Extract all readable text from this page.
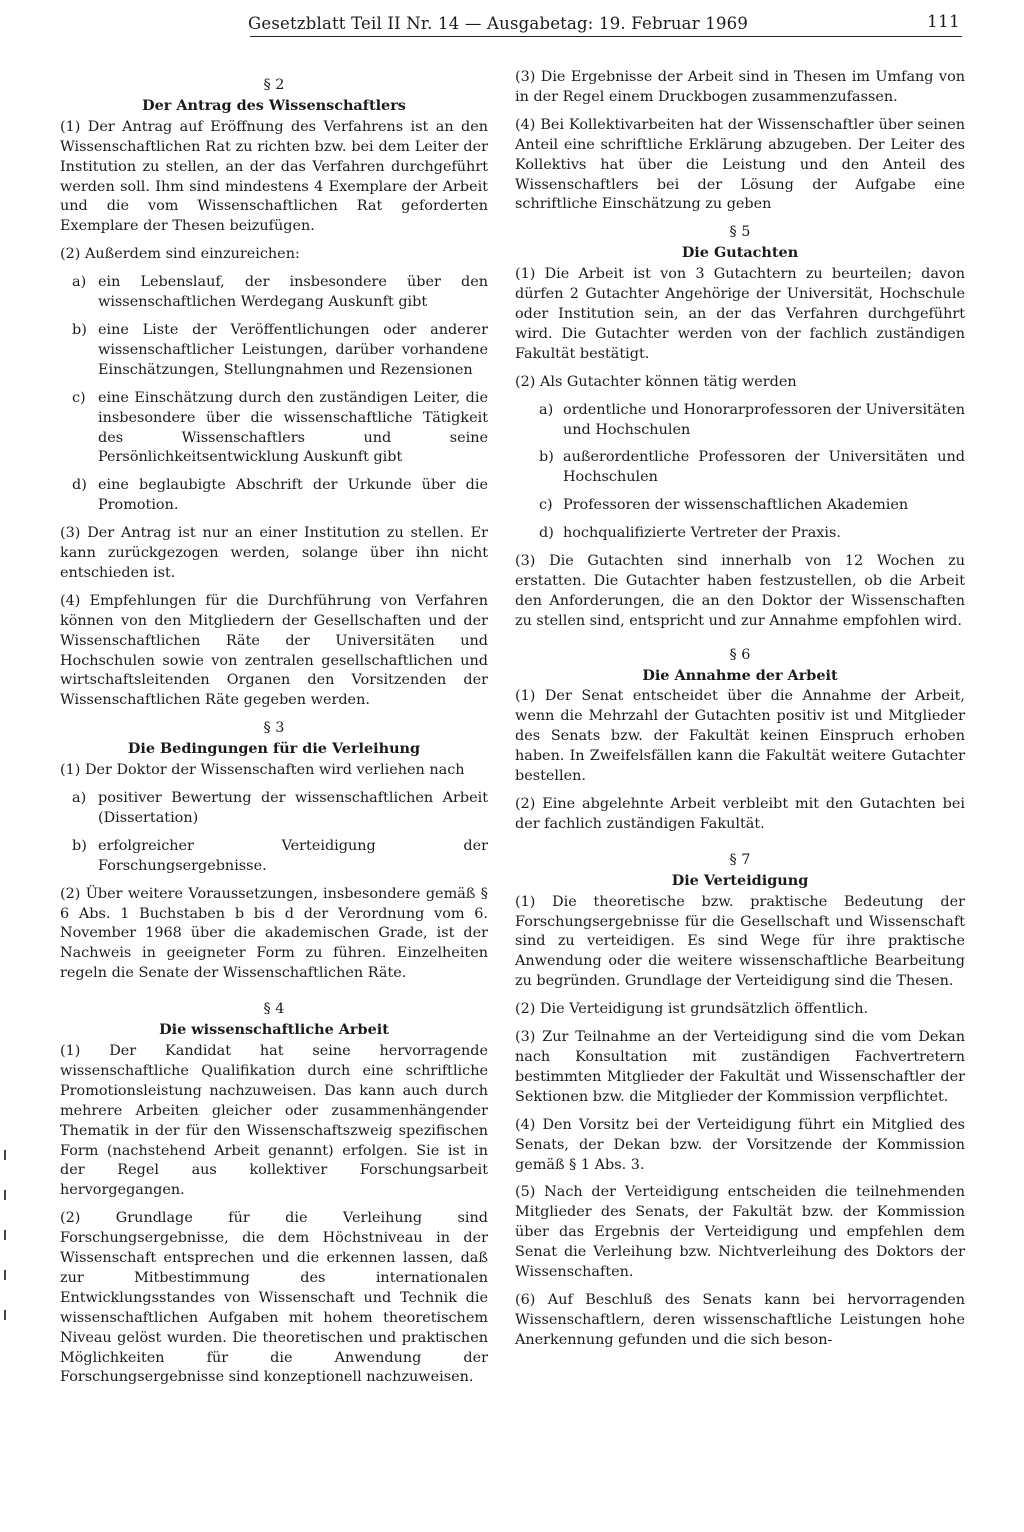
Gesetzblatt Teil II Nr. 14 — Ausgabetag: 19. Februar 1969	111
§ 2
Der Antrag des Wissenschaftlers
(1) Der Antrag auf Eröffnung des Verfahrens ist an den Wissenschaftlichen Rat zu richten bzw. bei dem Leiter der Institution zu stellen, an der das Verfahren durchgeführt werden soll. Ihm sind mindestens 4 Exemplare der Arbeit und die vom Wissenschaftlichen Rat geforderten Exemplare der Thesen beizufügen.
(2) Außerdem sind einzureichen:
a) ein Lebenslauf, der insbesondere über den wissenschaftlichen Werdegang Auskunft gibt
b) eine Liste der Veröffentlichungen oder anderer wissenschaftlicher Leistungen, darüber vorhandene Einschätzungen, Stellungnahmen und Rezensionen
c) eine Einschätzung durch den zuständigen Leiter, die insbesondere über die wissenschaftliche Tätigkeit des Wissenschaftlers und seine Persönlichkeitsentwicklung Auskunft gibt
d) eine beglaubigte Abschrift der Urkunde über die Promotion.
(3) Der Antrag ist nur an einer Institution zu stellen. Er kann zurückgezogen werden, solange über ihn nicht entschieden ist.
(4) Empfehlungen für die Durchführung von Verfahren können von den Mitgliedern der Gesellschaften und der Wissenschaftlichen Räte der Universitäten und Hochschulen sowie von zentralen gesellschaftlichen und wirtschaftsleitenden Organen den Vorsitzenden der Wissenschaftlichen Räte gegeben werden.
§ 3
Die Bedingungen für die Verleihung
(1) Der Doktor der Wissenschaften wird verliehen nach
a) positiver Bewertung der wissenschaftlichen Arbeit (Dissertation)
b) erfolgreicher Verteidigung der Forschungsergebnisse.
(2) Über weitere Voraussetzungen, insbesondere gemäß § 6 Abs. 1 Buchstaben b bis d der Verordnung vom 6. November 1968 über die akademischen Grade, ist der Nachweis in geeigneter Form zu führen. Einzelheiten regeln die Senate der Wissenschaftlichen Räte.
§ 4
Die wissenschaftliche Arbeit
(1) Der Kandidat hat seine hervorragende wissenschaftliche Qualifikation durch eine schriftliche Promotionsleistung nachzuweisen. Das kann auch durch mehrere Arbeiten gleicher oder zusammenhängender Thematik in der für den Wissenschaftszweig spezifischen Form (nachstehend Arbeit genannt) erfolgen. Sie ist in der Regel aus kollektiver Forschungsarbeit hervorgegangen.
(2) Grundlage für die Verleihung sind Forschungsergebnisse, die dem Höchstniveau in der Wissenschaft entsprechen und die erkennen lassen, daß zur Mitbestimmung des internationalen Entwicklungsstandes von Wissenschaft und Technik die wissenschaftlichen Aufgaben mit hohem theoretischem Niveau gelöst wurden. Die theoretischen und praktischen Möglichkeiten für die Anwendung der Forschungsergebnisse sind konzeptionell nachzuweisen.
(3) Die Ergebnisse der Arbeit sind in Thesen im Umfang von in der Regel einem Druckbogen zusammenzufassen.
(4) Bei Kollektivarbeiten hat der Wissenschaftler über seinen Anteil eine schriftliche Erklärung abzugeben. Der Leiter des Kollektivs hat über die Leistung und den Anteil des Wissenschaftlers bei der Lösung der Aufgabe eine schriftliche Einschätzung zu geben
§ 5
Die Gutachten
(1) Die Arbeit ist von 3 Gutachtern zu beurteilen; davon dürfen 2 Gutachter Angehörige der Universität, Hochschule oder Institution sein, an der das Verfahren durchgeführt wird. Die Gutachter werden von der fachlich zuständigen Fakultät bestätigt.
(2) Als Gutachter können tätig werden
a) ordentliche und Honorarprofessoren der Universitäten und Hochschulen
b) außerordentliche Professoren der Universitäten und Hochschulen
c) Professoren der wissenschaftlichen Akademien
d) hochqualifizierte Vertreter der Praxis.
(3) Die Gutachten sind innerhalb von 12 Wochen zu erstatten. Die Gutachter haben festzustellen, ob die Arbeit den Anforderungen, die an den Doktor der Wissenschaften zu stellen sind, entspricht und zur Annahme empfohlen wird.
§ 6
Die Annahme der Arbeit
(1) Der Senat entscheidet über die Annahme der Arbeit, wenn die Mehrzahl der Gutachten positiv ist und Mitglieder des Senats bzw. der Fakultät keinen Einspruch erhoben haben. In Zweifelsfällen kann die Fakultät weitere Gutachter bestellen.
(2) Eine abgelehnte Arbeit verbleibt mit den Gutachten bei der fachlich zuständigen Fakultät.
§ 7
Die Verteidigung
(1) Die theoretische bzw. praktische Bedeutung der Forschungsergebnisse für die Gesellschaft und Wissenschaft sind zu verteidigen. Es sind Wege für ihre praktische Anwendung oder die weitere wissenschaftliche Bearbeitung zu begründen. Grundlage der Verteidigung sind die Thesen.
(2) Die Verteidigung ist grundsätzlich öffentlich.
(3) Zur Teilnahme an der Verteidigung sind die vom Dekan nach Konsultation mit zuständigen Fachvertretern bestimmten Mitglieder der Fakultät und Wissenschaftler der Sektionen bzw. die Mitglieder der Kommission verpflichtet.
(4) Den Vorsitz bei der Verteidigung führt ein Mitglied des Senats, der Dekan bzw. der Vorsitzende der Kommission gemäß § 1 Abs. 3.
(5) Nach der Verteidigung entscheiden die teilnehmenden Mitglieder des Senats, der Fakultät bzw. der Kommission über das Ergebnis der Verteidigung und empfehlen dem Senat die Verleihung bzw. Nichtverleihung des Doktors der Wissenschaften.
(6) Auf Beschluß des Senats kann bei hervorragenden Wissenschaftlern, deren wissenschaftliche Leistungen hohe Anerkennung gefunden und die sich beson-
